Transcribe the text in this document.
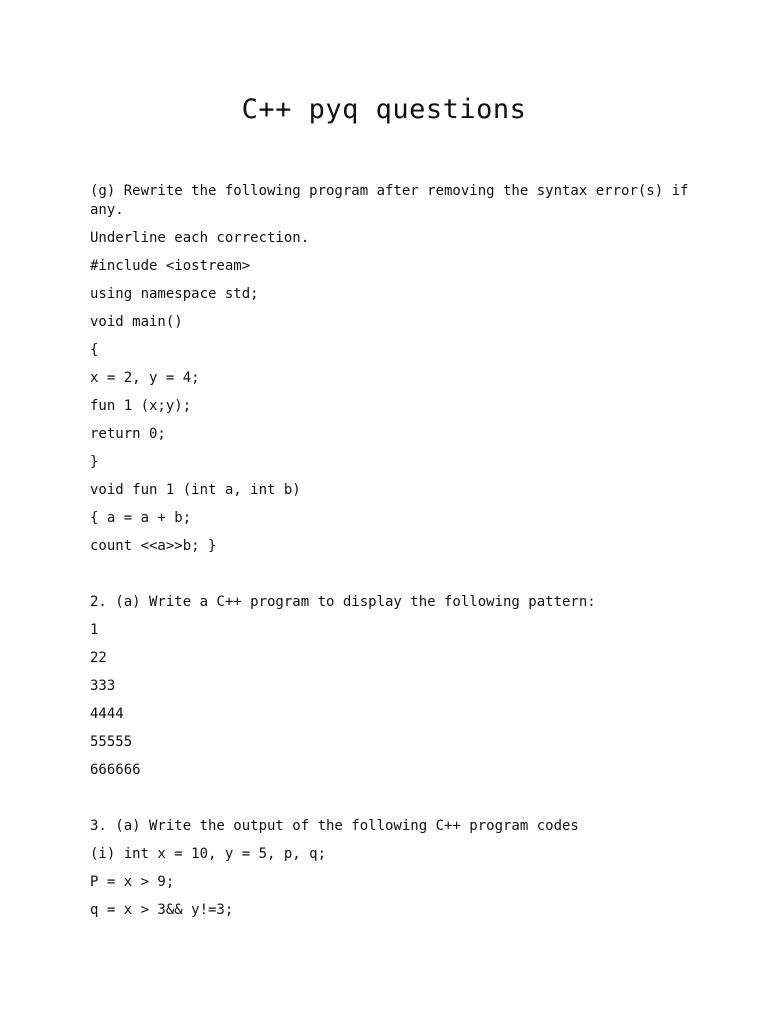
C++ pyq questions

(g) Rewrite the following program after removing the syntax error(s) if any.

Underline each correction.

#include <iostream>

using namespace std;

void main()

{

x = 2, y = 4;

fun 1 (x;y);

return 0;

}

void fun 1 (int a, int b)

{ a = a + b;

count <<a>>b; }

2. (a) Write a C++ program to display the following pattern:

1

22

333

4444

55555

666666

3. (a) Write the output of the following C++ program codes

(i) int x = 10, y = 5, p, q;

P = x > 9;

q = x > 3&& y!=3;
